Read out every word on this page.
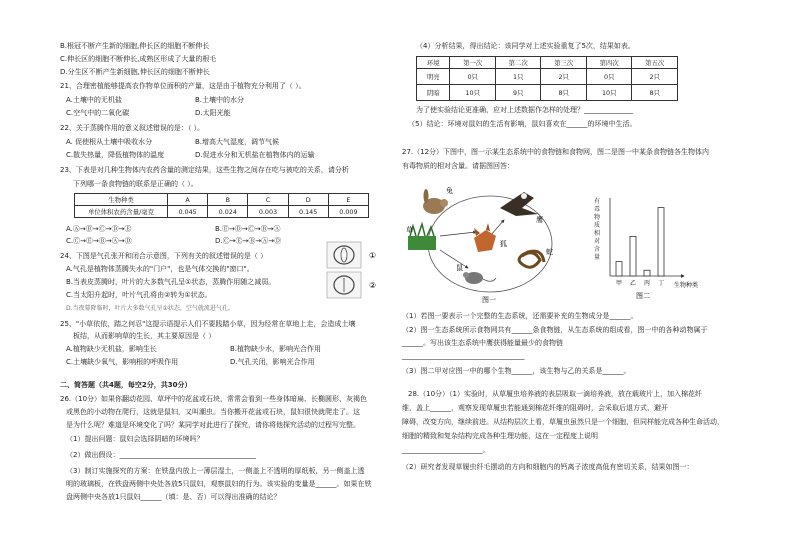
B.根冠不断产生新的细胞,伸长区的细胞不断伸长
C.伸长区的细胞不断伸长,成熟区形成了大量的根毛
D.分生区不断产生新细胞,伸长区的细胞不断伸长
21、合理密植能够提高农作物单位面积的产量，这是由于植物充分利用了（ ）。
A.土壤中的无机盐	B.土壤中的水分
C.空气中的二氧化碳	D.太阳光能
22、关于蒸腾作用的意义叙述错误的是：（ ）。
A. 促使根从土壤中吸收水分	B.增高大气湿度，调节气候
C.散失热量，降低植物体的温度	D.促进水分和无机盐在植物体内的运输
23、下表是对几种生物体内农药含量的测定结果，这些生物之间存在吃与被吃的关系，请分析
下列哪一条食物链的联系是正确的（ ）。
生物种类	A	B	C	D	E
单位体积农药含量/毫克	0.045	0.024	0.003	0.145	0.009
A.Ⓐ→Ⓑ→Ⓒ→Ⓓ→Ⓔ	B.Ⓔ→Ⓓ→Ⓒ→Ⓑ→Ⓐ
C.Ⓒ→Ⓔ→Ⓑ→Ⓐ→Ⓓ	D.Ⓒ→Ⓔ→Ⓑ→Ⓐ→Ⓓ
24、下图是气孔张开和闭合示意图，下列有关的叙述错误的是（ ）
A.气孔是植物体蒸腾失水的"门户"，也是气体交换的"窗口"。
B.当表皮蒸腾时，叶片的大多数气孔呈①状态，蒸腾作用随之减弱。
C.当太阳升起时，叶片气孔将由②转为①状态。
D.当夜幕降临时，叶片大多数气孔呈①状态，空气就流进气孔。
①
②
25、"小草依依，踏之何忍"这提示语提示人们不要践踏小草，因为经常在草地上走，会造成土壤
板结，从而影响草的生长，其主要原因是（ ）
A.植物缺少无机盐，影响生长	B.植物缺少水，影响光合作用
C.土壤缺少氧气，影响根的呼吸作用	D.气孔关闭，影响光合作用
二、简答题（共4题，每空2分，共30分）
26.（10分）如果你翻动花园、草坪中的花盆或石块，常常会看到一些身体暗扁、长椭圆形、灰褐色
或黑色的小动物在爬行，这就是鼠妇，又叫潮虫。当你搬开花盆或石块，鼠妇很快就爬走了。这
是为什么呢？难道是环境变化了吗？某同学对此进行了探究，请你将他探究活动的过程写完整。
（1）提出问题：鼠妇会选择阴暗的环境吗？
（2）做出假设：_______________________________________
（3）制订实施探究的方案：在铁盘内放上一薄层湿土，一侧盖上不透明的厚纸板，另一侧盖上透
明的玻璃板，在铁盘两侧中央处各放5只鼠妇，观察鼠妇的行为。该实验的变量是______。如果在铁
盘两侧中央各放1只鼠妇______（填：是、否）可以得出准确的结论？
（4）分析结果，得出结论：该同学对上述实验重复了5次，结果如表。
环境	第一次	第二次	第三次	第四次	第五次
明亮	0只	1只	2只	0只	2只
阴暗	10只	9只	8只	10只	8只
为了使实验结论更准确，应对上述数据作怎样的处理？______________
（5）结论：环境对鼠妇的生活有影响，鼠妇喜欢在______的环境中生活。
27.（12分）下图中，图一示某生态系统中的食物链和食物网，图二是图一中某条食物链各生物体内
有毒物质的相对含量。请据图回答：
兔
鹰
草
狐
鼠
蛇
图一
有
毒
物
质
相
对
含
量
甲 乙 丙 丁 生物种类
图二
（1）若图一要表示一个完整的生态系统，还需要补充的生物成分是______。
（2）图一生态系统所示食物网共有______条食物链，从生态系统的组成看，图一中的各种动物属于
______。写出该生态系统中鹰获得能量最少的食物链
___________________________________
（3）图二甲对应图一中的哪个生物______，该生物与乙的关系是______。
28.（10分）（1）实验时，从草履虫培养液的表层吸取一滴培养液，放在载玻片上，加入棉花纤
维，盖上______，观察发现草履虫若能通到棉花纤维的阻碍时，会采取后退方式，避开
障碍，改变方向，继续前进。从结构层次上看，草履虫虽然只是一个细胞，但同样能完成各种生命活动，
细胞的精致和复杂结构完成各种生理功能，这在一定程度上说明
_______________________。
（2）研究者发现草履虫纤毛摆动的方向和细胞内的钙离子浓度高低有密切关系，结果如图一：
